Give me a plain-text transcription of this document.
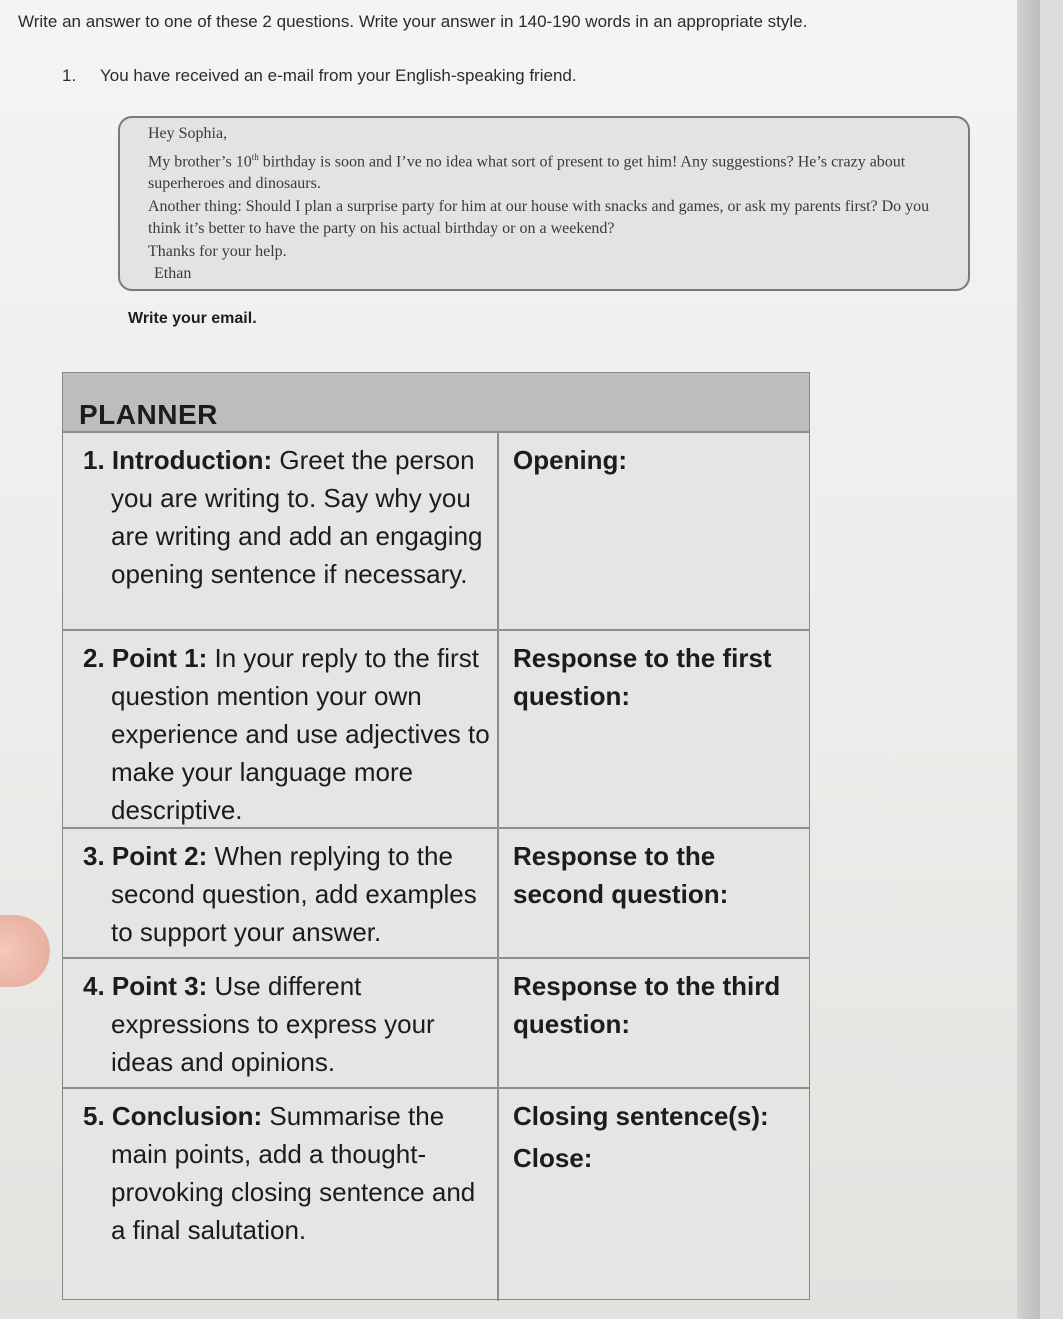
Write an answer to one of these 2 questions. Write your answer in 140-190 words in an appropriate style.
1. You have received an e-mail from your English-speaking friend.

Hey Sophia,

My brother’s 10th birthday is soon and I’ve no idea what sort of present to get him! Any suggestions? He’s crazy about superheroes and dinosaurs.

Another thing: Should I plan a surprise party for him at our house with snacks and games, or ask my parents first? Do you think it’s better to have the party on his actual birthday or on a weekend?

Thanks for your help.

Ethan

Write your email.
PLANNER
1. Introduction: Greet the person you are writing to. Say why you are writing and add an engaging opening sentence if necessary.
Opening:
2. Point 1: In your reply to the first question mention your own experience and use adjectives to make your language more descriptive.
Response to the first question:
3. Point 2: When replying to the second question, add examples to support your answer.
Response to the second question:
4. Point 3: Use different expressions to express your ideas and opinions.
Response to the third question:
5. Conclusion: Summarise the main points, add a thought-provoking closing sentence and a final salutation.
Closing sentence(s):
Close:
